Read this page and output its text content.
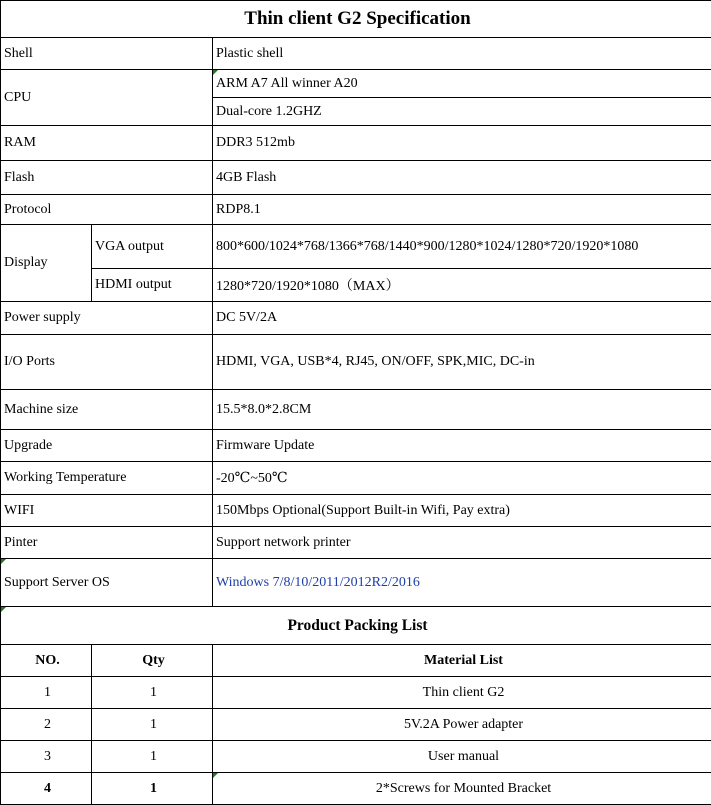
Thin client G2 Specification		
Shell		Plastic shell
CPU		ARM A7 All winner A20
		Dual-core 1.2GHZ
RAM		DDR3 512mb
Flash		4GB Flash
Protocol		RDP8.1
Display	VGA output	800*600/1024*768/1366*768/1440*900/1280*1024/1280*720/1920*1080
	HDMI output	1280*720/1920*1080（MAX）
Power supply		DC 5V/2A
I/O Ports		HDMI, VGA, USB*4, RJ45, ON/OFF, SPK,MIC, DC-in
Machine size		15.5*8.0*2.8CM
Upgrade		Firmware Update
Working Temperature		-20℃~50℃
WIFI		150Mbps Optional(Support Built-in Wifi, Pay extra)
Pinter		Support network printer
Support Server OS		Windows 7/8/10/2011/2012R2/2016
Product Packing List		
NO.	Qty	Material List
1	1	Thin client G2
2	1	5V.2A Power adapter
3	1	User manual
4	1	2*Screws for Mounted Bracket
